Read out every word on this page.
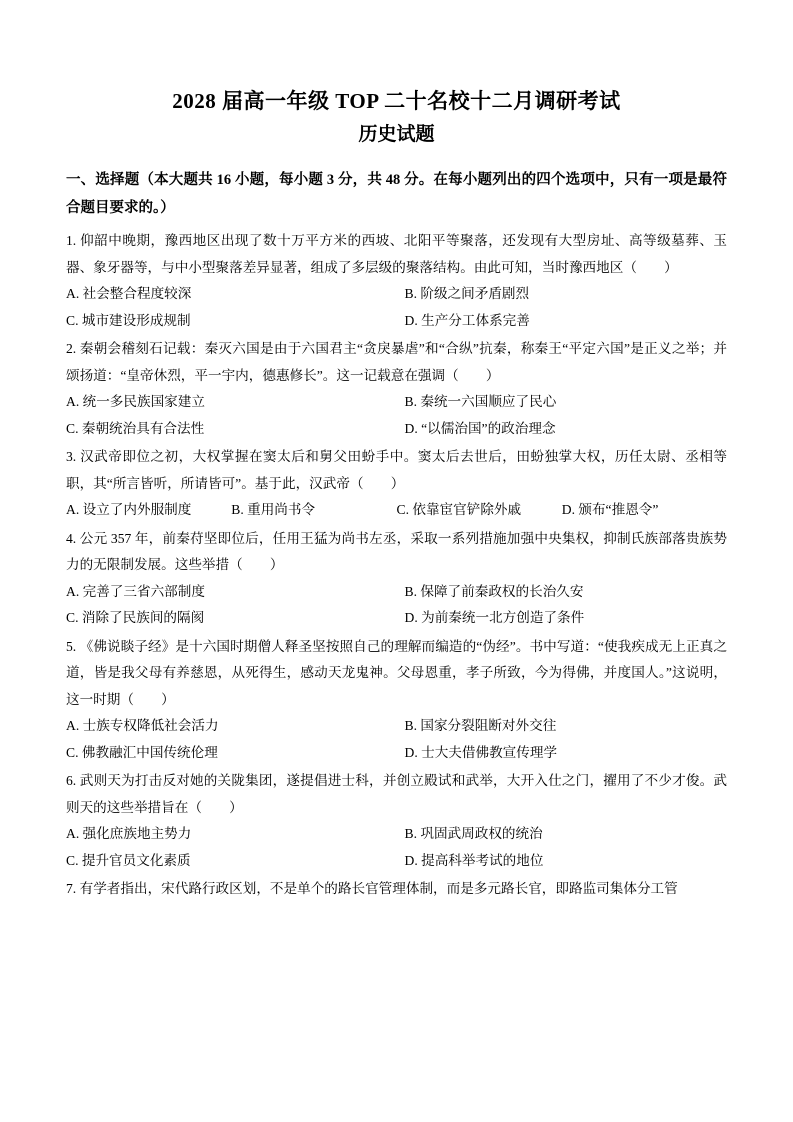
2028 届高一年级 TOP 二十名校十二月调研考试
历史试题

一、选择题（本大题共 16 小题，每小题 3 分，共 48 分。在每小题列出的四个选项中，只有一项是最符合题目要求的。）

1. 仰韶中晚期，豫西地区出现了数十万平方米的西坡、北阳平等聚落，还发现有大型房址、高等级墓葬、玉器、象牙器等，与中小型聚落差异显著，组成了多层级的聚落结构。由此可知，当时豫西地区（　　）

A. 社会整合程度较深	B. 阶级之间矛盾剧烈
C. 城市建设形成规制	D. 生产分工体系完善

2. 秦朝会稽刻石记载：秦灭六国是由于六国君主“贪戾暴虐”和“合纵”抗秦，称秦王“平定六国”是正义之举；并颂扬道：“皇帝休烈，平一宇内，德惠修长”。这一记载意在强调（　　）

A. 统一多民族国家建立	B. 秦统一六国顺应了民心
C. 秦朝统治具有合法性	D. “以儒治国”的政治理念

3. 汉武帝即位之初，大权掌握在窦太后和舅父田蚡手中。窦太后去世后，田蚡独掌大权，历任太尉、丞相等职，其“所言皆听，所请皆可”。基于此，汉武帝（　　）

A. 设立了内外服制度	B. 重用尚书令	C. 依靠宦官铲除外戚	D. 颁布“推恩令”

4. 公元 357 年，前秦苻坚即位后，任用王猛为尚书左丞，采取一系列措施加强中央集权，抑制氏族部落贵族势力的无限制发展。这些举措（　　）

A. 完善了三省六部制度	B. 保障了前秦政权的长治久安
C. 消除了民族间的隔阂	D. 为前秦统一北方创造了条件

5. 《佛说睒子经》是十六国时期僧人释圣坚按照自己的理解而编造的“伪经”。书中写道：“使我疾成无上正真之道，皆是我父母有养慈恩，从死得生，感动天龙鬼神。父母恩重，孝子所致，今为得佛，并度国人。”这说明，这一时期（　　）

A. 士族专权降低社会活力	B. 国家分裂阻断对外交往
C. 佛教融汇中国传统伦理	D. 士大夫借佛教宣传理学

6. 武则天为打击反对她的关陇集团，遂提倡进士科，并创立殿试和武举，大开入仕之门，擢用了不少才俊。武则天的这些举措旨在（　　）

A. 强化庶族地主势力	B. 巩固武周政权的统治
C. 提升官员文化素质	D. 提高科举考试的地位

7. 有学者指出，宋代路行政区划，不是单个的路长官管理体制，而是多元路长官，即路监司集体分工管
